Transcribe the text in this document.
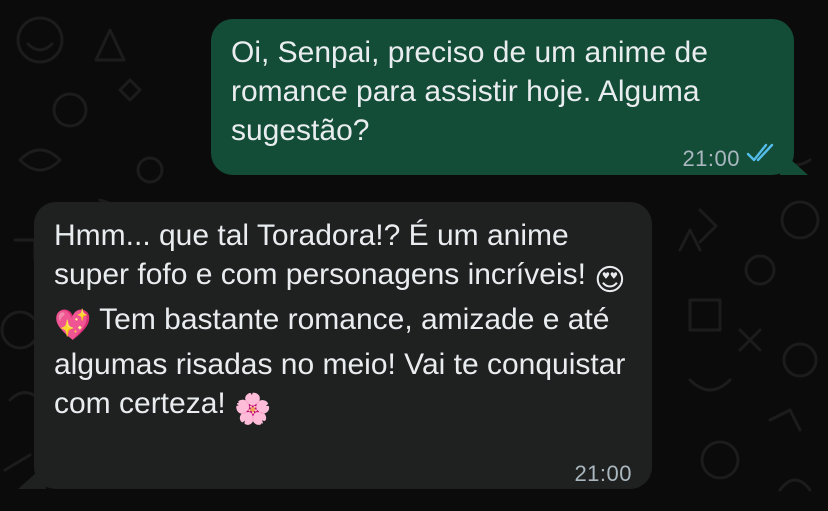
Oi, Senpai, preciso de um anime de romance para assistir hoje. Alguma sugestão?
21:00
Hmm... que tal Toradora!? É um anime super fofo e com personagens incríveis! 😍💖 Tem bastante romance, amizade e até algumas risadas no meio! Vai te conquistar com certeza! 🌸
21:00
